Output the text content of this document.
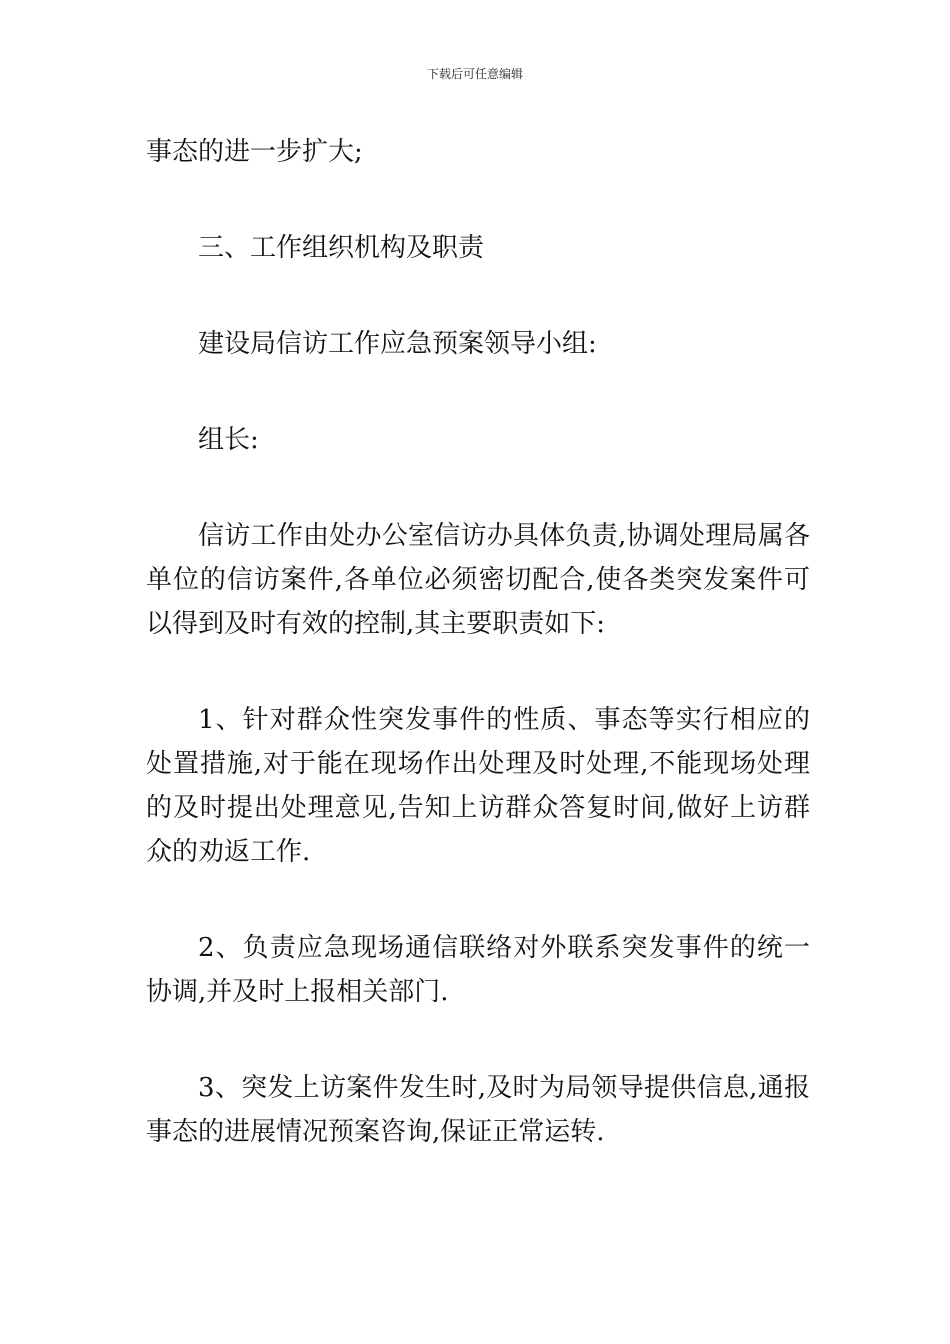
下载后可任意编辑

事态的进一步扩大;

三、工作组织机构及职责

建设局信访工作应急预案领导小组:

组长:

信访工作由处办公室信访办具体负责,协调处理局属各单位的信访案件,各单位必须密切配合,使各类突发案件可以得到及时有效的控制,其主要职责如下:

1、针对群众性突发事件的性质、事态等实行相应的处置措施,对于能在现场作出处理及时处理,不能现场处理的及时提出处理意见,告知上访群众答复时间,做好上访群众的劝返工作.

2、负责应急现场通信联络对外联系突发事件的统一协调,并及时上报相关部门.

3、突发上访案件发生时,及时为局领导提供信息,通报事态的进展情况预案咨询,保证正常运转.
